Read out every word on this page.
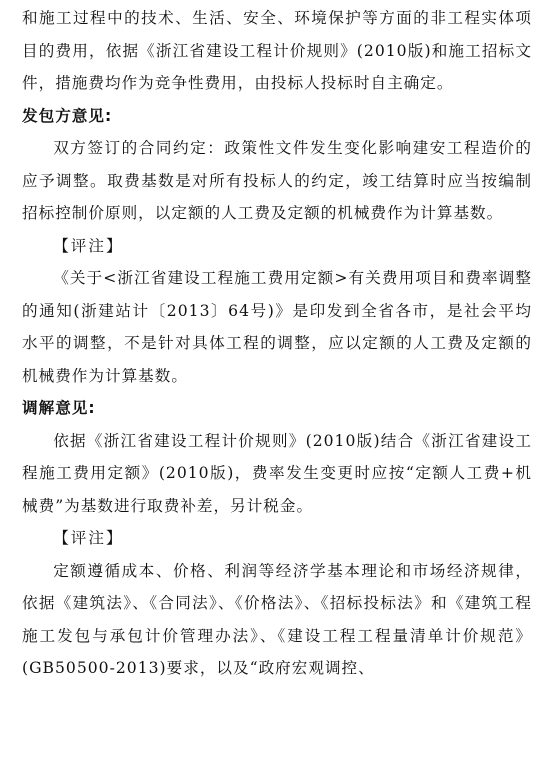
和施工过程中的技术、生活、安全、环境保护等方面的非工程实体项目的费用，依据《浙江省建设工程计价规则》(2010版)和施工招标文件，措施费均作为竞争性费用，由投标人投标时自主确定。

发包方意见:

双方签订的合同约定：政策性文件发生变化影响建安工程造价的应予调整。取费基数是对所有投标人的约定，竣工结算时应当按编制招标控制价原则，以定额的人工费及定额的机械费作为计算基数。

【评注】

《关于<浙江省建设工程施工费用定额>有关费用项目和费率调整的通知(浙建站计〔2013〕64号)》是印发到全省各市，是社会平均水平的调整，不是针对具体工程的调整，应以定额的人工费及定额的机械费作为计算基数。

调解意见:

依据《浙江省建设工程计价规则》(2010版)结合《浙江省建设工程施工费用定额》(2010版)，费率发生变更时应按“定额人工费+机械费”为基数进行取费补差，另计税金。

【评注】

定额遵循成本、价格、利润等经济学基本理论和市场经济规律，依据《建筑法》、《合同法》、《价格法》、《招标投标法》和《建筑工程施工发包与承包计价管理办法》、《建设工程工程量清单计价规范》(GB50500-2013)要求，以及“政府宏观调控、
